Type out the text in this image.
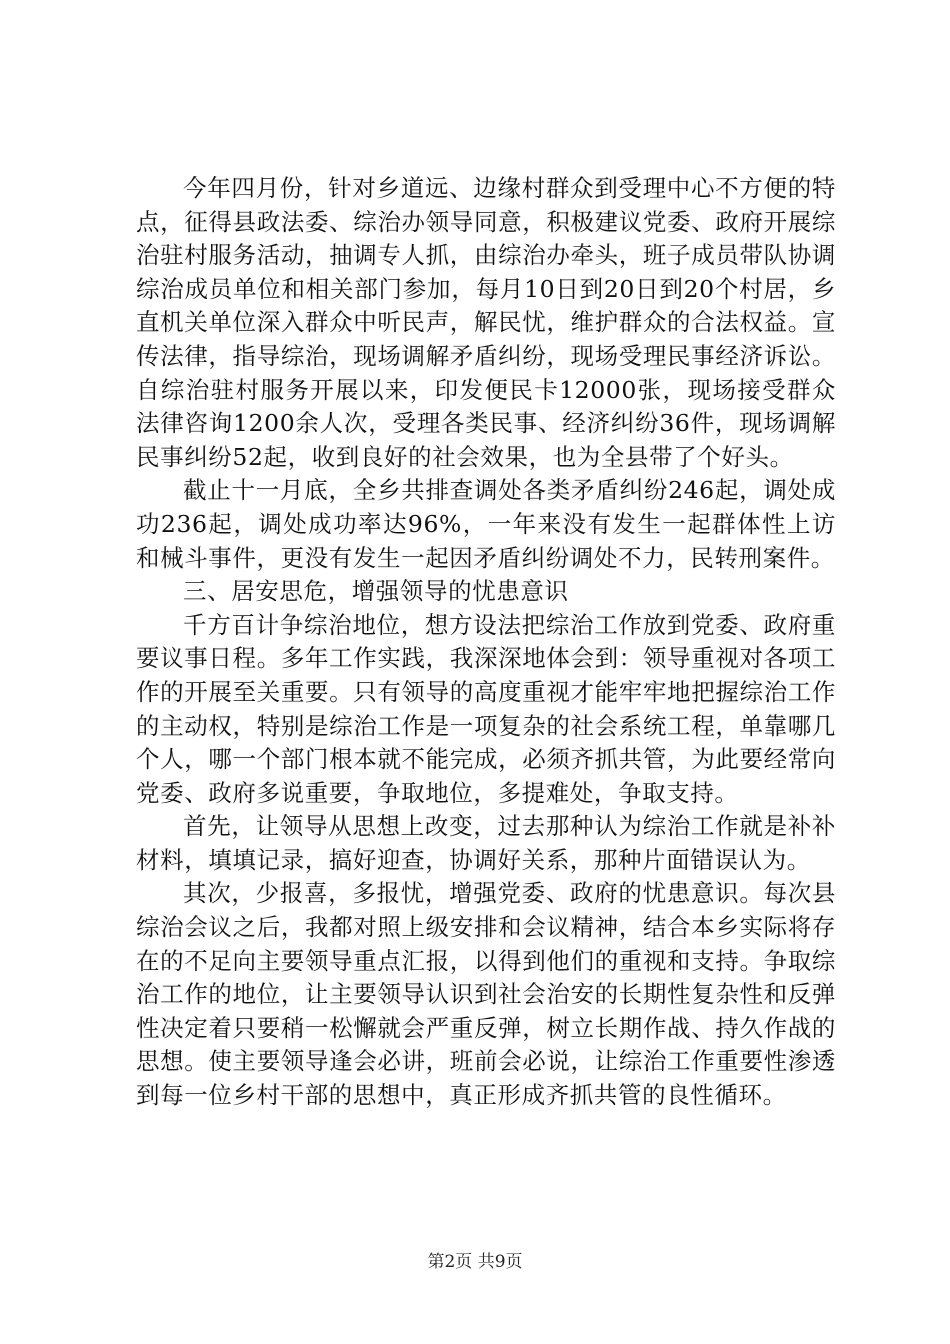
今年四月份，针对乡道远、边缘村群众到受理中心不方便的特点，征得县政法委、综治办领导同意，积极建议党委、政府开展综治驻村服务活动，抽调专人抓，由综治办牵头，班子成员带队协调综治成员单位和相关部门参加，每月10日到20日到20个村居，乡直机关单位深入群众中听民声，解民忧，维护群众的合法权益。宣传法律，指导综治，现场调解矛盾纠纷，现场受理民事经济诉讼。自综治驻村服务开展以来，印发便民卡12000张，现场接受群众法律咨询1200余人次，受理各类民事、经济纠纷36件，现场调解民事纠纷52起，收到良好的社会效果，也为全县带了个好头。

截止十一月底，全乡共排查调处各类矛盾纠纷246起，调处成功236起，调处成功率达96%，一年来没有发生一起群体性上访和械斗事件，更没有发生一起因矛盾纠纷调处不力，民转刑案件。

三、居安思危，增强领导的忧患意识

千方百计争综治地位，想方设法把综治工作放到党委、政府重要议事日程。多年工作实践，我深深地体会到：领导重视对各项工作的开展至关重要。只有领导的高度重视才能牢牢地把握综治工作的主动权，特别是综治工作是一项复杂的社会系统工程，单靠哪几个人，哪一个部门根本就不能完成，必须齐抓共管，为此要经常向党委、政府多说重要，争取地位，多提难处，争取支持。

首先，让领导从思想上改变，过去那种认为综治工作就是补补材料，填填记录，搞好迎查，协调好关系，那种片面错误认为。

其次，少报喜，多报忧，增强党委、政府的忧患意识。每次县综治会议之后，我都对照上级安排和会议精神，结合本乡实际将存在的不足向主要领导重点汇报，以得到他们的重视和支持。争取综治工作的地位，让主要领导认识到社会治安的长期性复杂性和反弹性决定着只要稍一松懈就会严重反弹，树立长期作战、持久作战的思想。使主要领导逢会必讲，班前会必说，让综治工作重要性渗透到每一位乡村干部的思想中，真正形成齐抓共管的良性循环。

第2页 共9页
